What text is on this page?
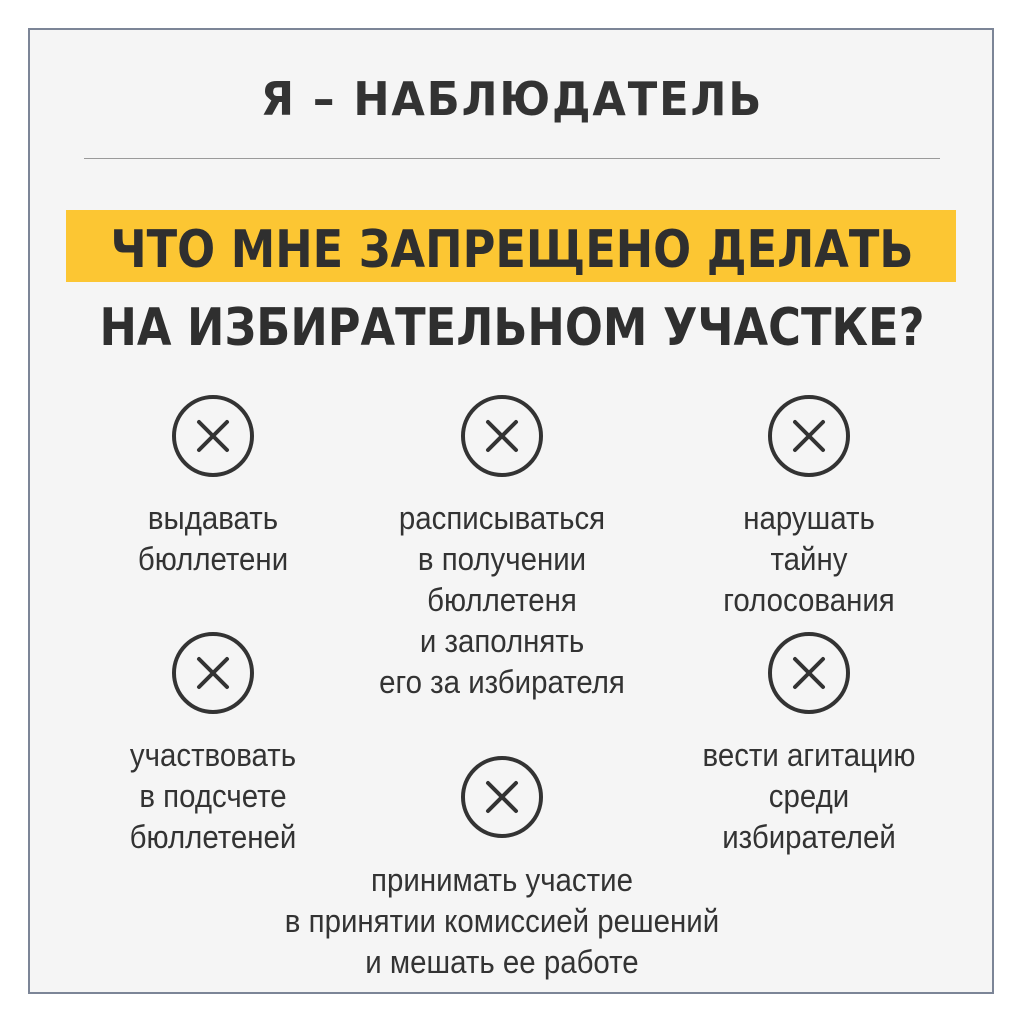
Я – НАБЛЮДАТЕЛЬ
ЧТО МНЕ ЗАПРЕЩЕНО ДЕЛАТЬ
НА ИЗБИРАТЕЛЬНОМ УЧАСТКЕ?
выдавать
бюллетени
расписываться
в получении
бюллетеня
и заполнять
его за избирателя
нарушать
тайну
голосования
участвовать
в подсчете
бюллетеней
вести агитацию
среди
избирателей
принимать участие
в принятии комиссией решений
и мешать ее работе
